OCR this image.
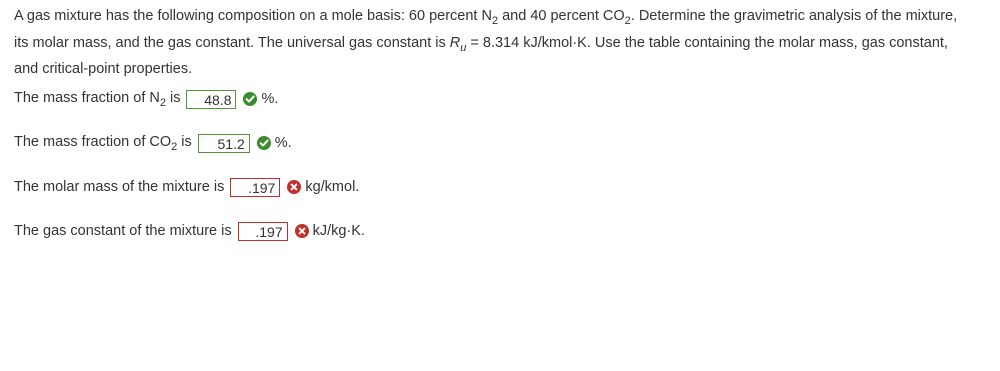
A gas mixture has the following composition on a mole basis: 60 percent $N_2$ and 40 percent $CO_2$. Determine the gravimetric analysis of the mixture, its molar mass, and the gas constant. The universal gas constant is $R_u = 8.314$ kJ/kmol·K. Use the table containing the molar mass, gas constant, and critical-point properties.
The mass fraction of $N_2$ is	48.8	%.
The mass fraction of $CO_2$ is	51.2	%.
The molar mass of the mixture is	.197	kg/kmol.
The gas constant of the mixture is	.197	kJ/kg·K.
